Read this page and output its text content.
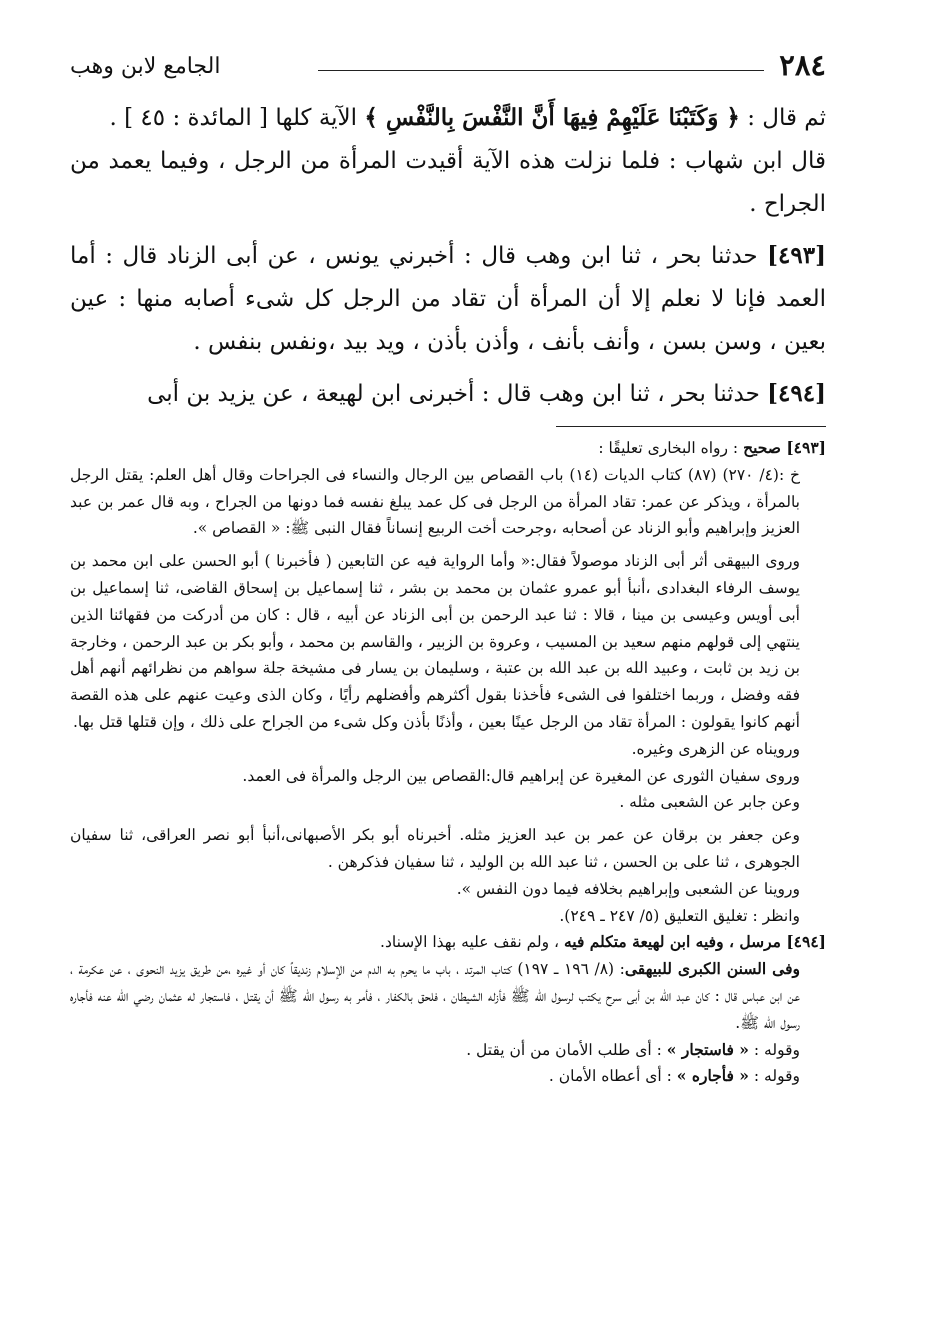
٢٨٤
الجامع لابن وهب

ثم قال : ﴿ وَكَتَبْنَا عَلَيْهِمْ فِيهَا أَنَّ النَّفْسَ بِالنَّفْسِ ﴾ الآية كلها [ المائدة : ٤٥ ] .

قال ابن شهاب : فلما نزلت هذه الآية أقيدت المرأة من الرجل ، وفيما يعمد من الجراح .

[٤٩٣] حدثنا بحر ، ثنا ابن وهب قال : أخبرني يونس ، عن أبى الزناد قال : أما العمد فإنا لا نعلم إلا أن المرأة أن تقاد من الرجل كل شىء أصابه منها : عين بعين ، وسن بسن ، وأنف بأنف ، وأذن بأذن ، ويد بيد ،ونفس بنفس .

[٤٩٤] حدثنا بحر ، ثنا ابن وهب قال : أخبرنى ابن لهيعة ، عن يزيد بن أبى

[٤٩٣] صحيح : رواه البخارى تعليقًا :

خ :(٤/ ٢٧٠) (٨٧) كتاب الديات (١٤) باب القصاص بين الرجال والنساء فى الجراحات وقال أهل العلم: يقتل الرجل بالمرأة ، ويذكر عن عمر: تقاد المرأة من الرجل فى كل عمد يبلغ نفسه فما دونها من الجراح ، وبه قال عمر بن عبد العزيز وإبراهيم وأبو الزناد عن أصحابه ،وجرحت أخت الربيع إنساناً فقال النبى ﷺ: « القصاص ».

وروى البيهقى أثر أبى الزناد موصولاً فقال:« وأما الرواية فيه عن التابعين ( فأخبرنا ) أبو الحسن على ابن محمد بن يوسف الرفاء البغدادى ،أنبأ أبو عمرو عثمان بن محمد بن بشر ، ثنا إسماعيل بن إسحاق القاضى، ثنا إسماعيل بن أبى أويس وعيسى بن مينا ، قالا : ثنا عبد الرحمن بن أبى الزناد عن أبيه ، قال : كان من أدركت من فقهائنا الذين ينتهي إلى قولهم منهم سعيد بن المسيب ، وعروة بن الزبير ، والقاسم بن محمد ، وأبو بكر بن عبد الرحمن ، وخارجة بن زيد بن ثابت ، وعبيد الله بن عبد الله بن عتبة ، وسليمان بن يسار فى مشيخة جلة سواهم من نظرائهم أنهم أهل فقه وفضل ، وربما اختلفوا فى الشىء فأخذنا بقول أكثرهم وأفضلهم رأيًا ، وكان الذى وعيت عنهم على هذه القصة أنهم كانوا يقولون : المرأة تقاد من الرجل عينًا بعين ، وأذنًا بأذن وكل شىء من الجراح على ذلك ، وإن قتلها قتل بها.

ورويناه عن الزهرى وغيره.

وروى سفيان الثورى عن المغيرة عن إبراهيم قال:القصاص بين الرجل والمرأة فى العمد.

وعن جابر عن الشعبى مثله .

وعن جعفر بن برقان عن عمر بن عبد العزيز مثله. أخبرناه أبو بكر الأصبهانى،أنبأ أبو نصر العراقى، ثنا سفيان الجوهرى ، ثنا على بن الحسن ، ثنا عبد الله بن الوليد ، ثنا سفيان فذكرهن .

وروينا عن الشعبى وإبراهيم بخلافه فيما دون النفس ».

وانظر : تغليق التعليق (٥/ ٢٤٧ ـ ٢٤٩).

[٤٩٤] مرسل ، وفيه ابن لهيعة متكلم فيه ، ولم نقف عليه بهذا الإسناد.

وفى السنن الكبرى للبيهقى: (٨/ ١٩٦ ـ ١٩٧) كتاب المرتد ، باب ما يحرم به الدم من الإسلام زنديقاً كان أو غيره ،من طريق يزيد النحوى ، عن عكرمة ، عن ابن عباس قال : كان عبد الله بن أبى سرح يكتب لرسول الله ﷺ فأزله الشيطان ، فلحق بالكفار ، فأمر به رسول الله ﷺ أن يقتل ، فاستجار له عثمان رضي الله عنه فأجاره رسول الله ﷺ.

وقوله : « فاستجار » : أى طلب الأمان من أن يقتل .

وقوله : « فأجاره » : أى أعطاه الأمان .
